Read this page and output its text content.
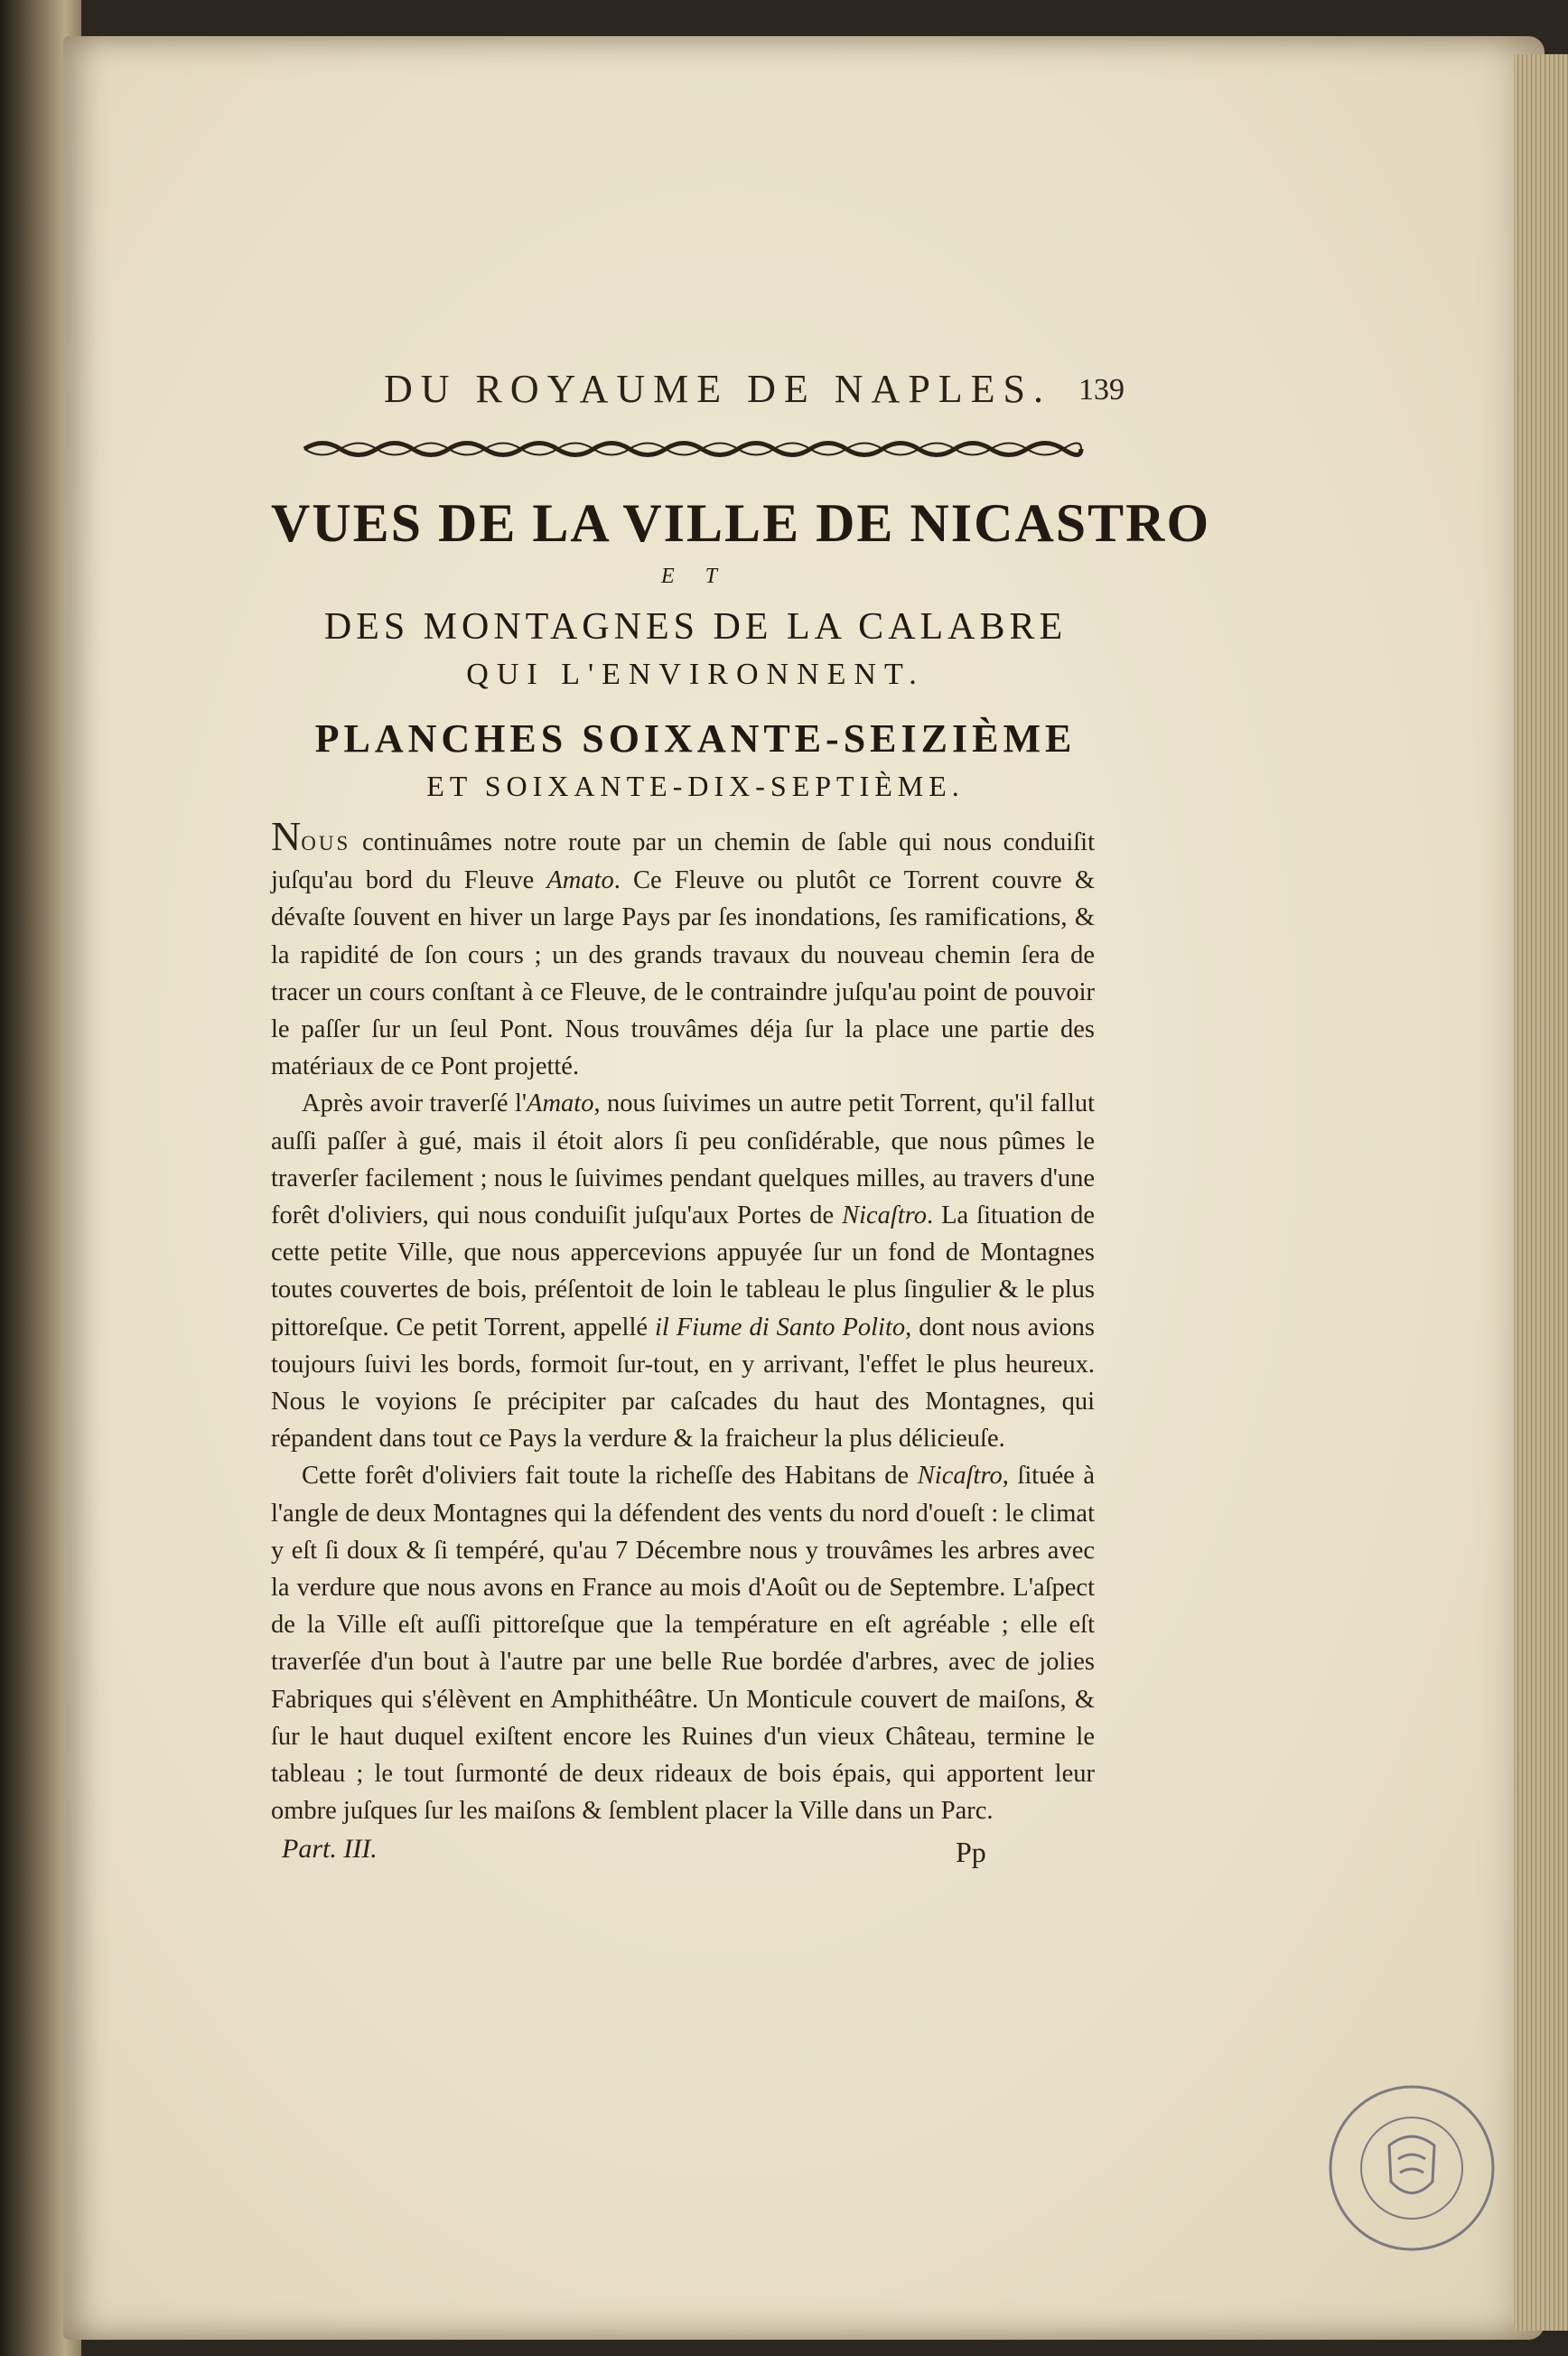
DU ROYAUME DE NAPLES. 139
VUES DE LA VILLE DE NICASTRO
E T
DES MONTAGNES DE LA CALABRE
QUI L'ENVIRONNENT.
PLANCHES SOIXANTE-SEIZIÈME
ET SOIXANTE-DIX-SEPTIÈME.

NOUS continuâmes notre route par un chemin de ſable qui nous conduiſit juſqu'au bord du Fleuve Amato. Ce Fleuve ou plutôt ce Torrent couvre & dévaſte ſouvent en hiver un large Pays par ſes inondations, ſes ramifications, & la rapidité de ſon cours ; un des grands travaux du nouveau chemin ſera de tracer un cours conſtant à ce Fleuve, de le contraindre juſqu'au point de pouvoir le paſſer ſur un ſeul Pont. Nous trouvâmes déja ſur la place une partie des matériaux de ce Pont projetté.

Après avoir traverſé l'Amato, nous ſuivimes un autre petit Torrent, qu'il fallut auſſi paſſer à gué, mais il étoit alors ſi peu conſidérable, que nous pûmes le traverſer facilement ; nous le ſuivimes pendant quelques milles, au travers d'une forêt d'oliviers, qui nous conduiſit juſqu'aux Portes de Nicaſtro. La ſituation de cette petite Ville, que nous appercevions appuyée ſur un fond de Montagnes toutes couvertes de bois, préſentoit de loin le tableau le plus ſingulier & le plus pittoreſque. Ce petit Torrent, appellé il Fiume di Santo Polito, dont nous avions toujours ſuivi les bords, formoit ſur-tout, en y arrivant, l'effet le plus heureux. Nous le voyions ſe précipiter par caſcades du haut des Montagnes, qui répandent dans tout ce Pays la verdure & la fraicheur la plus délicieuſe.

Cette forêt d'oliviers fait toute la richeſſe des Habitans de Nicaſtro, ſituée à l'angle de deux Montagnes qui la défendent des vents du nord d'oueſt : le climat y eſt ſi doux & ſi tempéré, qu'au 7 Décembre nous y trouvâmes les arbres avec la verdure que nous avons en France au mois d'Août ou de Septembre. L'aſpect de la Ville eſt auſſi pittoreſque que la température en eſt agréable ; elle eſt traverſée d'un bout à l'autre par une belle Rue bordée d'arbres, avec de jolies Fabriques qui s'élèvent en Amphithéâtre. Un Monticule couvert de maiſons, & ſur le haut duquel exiſtent encore les Ruines d'un vieux Château, termine le tableau ; le tout ſurmonté de deux rideaux de bois épais, qui apportent leur ombre juſques ſur les maiſons & ſemblent placer la Ville dans un Parc.

Part. III.	Pp
